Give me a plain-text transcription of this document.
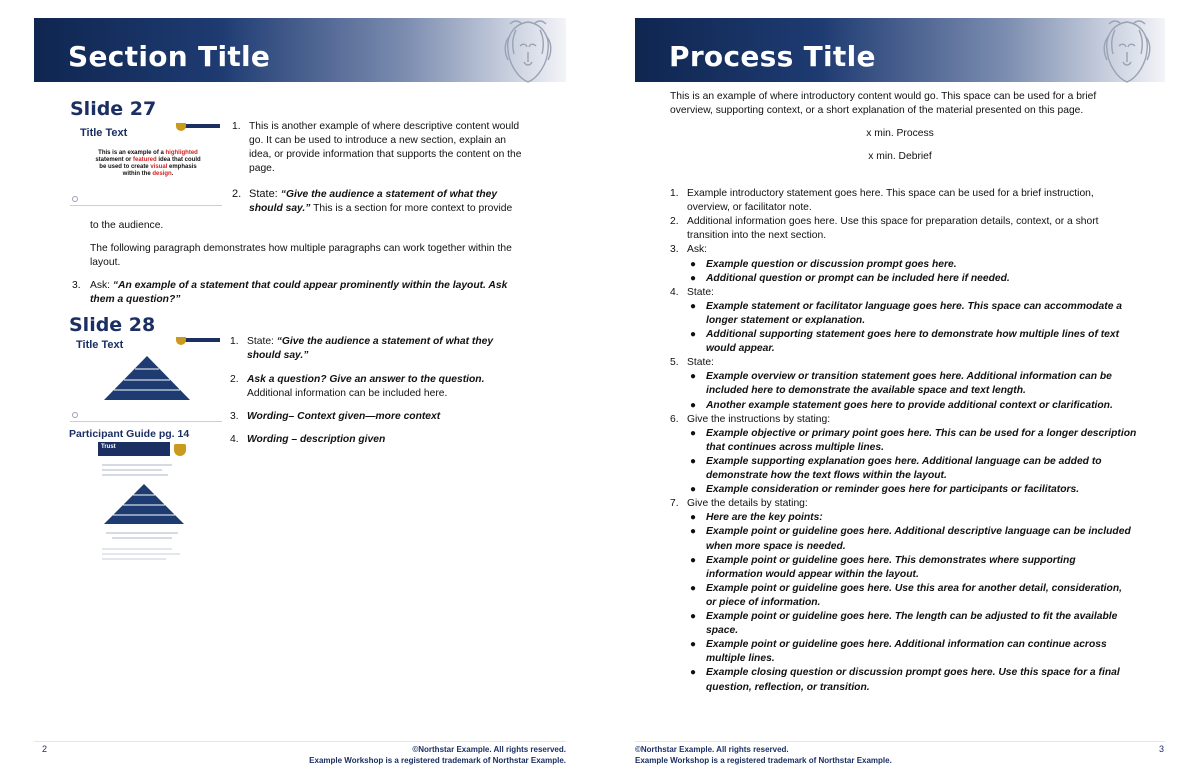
Section Title
Slide 27
Title Text
This is an example of a highlighted statement or featured idea that could be used to create visual emphasis within the design.
1. This is another example of where descriptive content would go. It can be used to introduce a new section, explain an idea, or provide information that supports the content on the page.
2. State: “Give the audience a statement of what they should say.” This is a section for more context to provide
to the audience.
The following paragraph demonstrates how multiple paragraphs can work together within the layout.
3. Ask: “An example of a statement that could appear prominently within the layout. Ask them a question?”
Slide 28
Title Text
Participant Guide pg. 14
Trust
1. State: “Give the audience a statement of what they should say.”
2. Ask a question? Give an answer to the question.
Additional information can be included here.
3. Wording– Context given—more context
4. Wording – description given
2	©Northstar Example. All rights reserved.
Example Workshop is a registered trademark of Northstar Example.
Process Title
This is an example of where introductory content would go. This space can be used for a brief overview, supporting context, or a short explanation of the material presented on this page.
x min. Process
x min. Debrief
1. Example introductory statement goes here. This space can be used for a brief instruction,
overview, or facilitator note.
2. Additional information goes here. Use this space for preparation details, context, or a short
transition into the next section.
3. Ask:
● Example question or discussion prompt goes here.
● Additional question or prompt can be included here if needed.
4. State:
● Example statement or facilitator language goes here. This space can accommodate a
longer statement or explanation.
● Additional supporting statement goes here to demonstrate how multiple lines of text
would appear.
5. State:
● Example overview or transition statement goes here. Additional information can be
included here to demonstrate the available space and text length.
● Another example statement goes here to provide additional context or clarification.
6. Give the instructions by stating:
● Example objective or primary point goes here. This can be used for a longer description
that continues across multiple lines.
● Example supporting explanation goes here. Additional language can be added to
demonstrate how the text flows within the layout.
● Example consideration or reminder goes here for participants or facilitators.
7. Give the details by stating:
● Here are the key points:
● Example point or guideline goes here. Additional descriptive language can be included
when more space is needed.
● Example point or guideline goes here. This demonstrates where supporting
information would appear within the layout.
● Example point or guideline goes here. Use this area for another detail, consideration,
or piece of information.
● Example point or guideline goes here. The length can be adjusted to fit the available
space.
● Example point or guideline goes here. Additional information can continue across
multiple lines.
● Example closing question or discussion prompt goes here. Use this space for a final
question, reflection, or transition.
©Northstar Example. All rights reserved.
Example Workshop is a registered trademark of Northstar Example.
3
